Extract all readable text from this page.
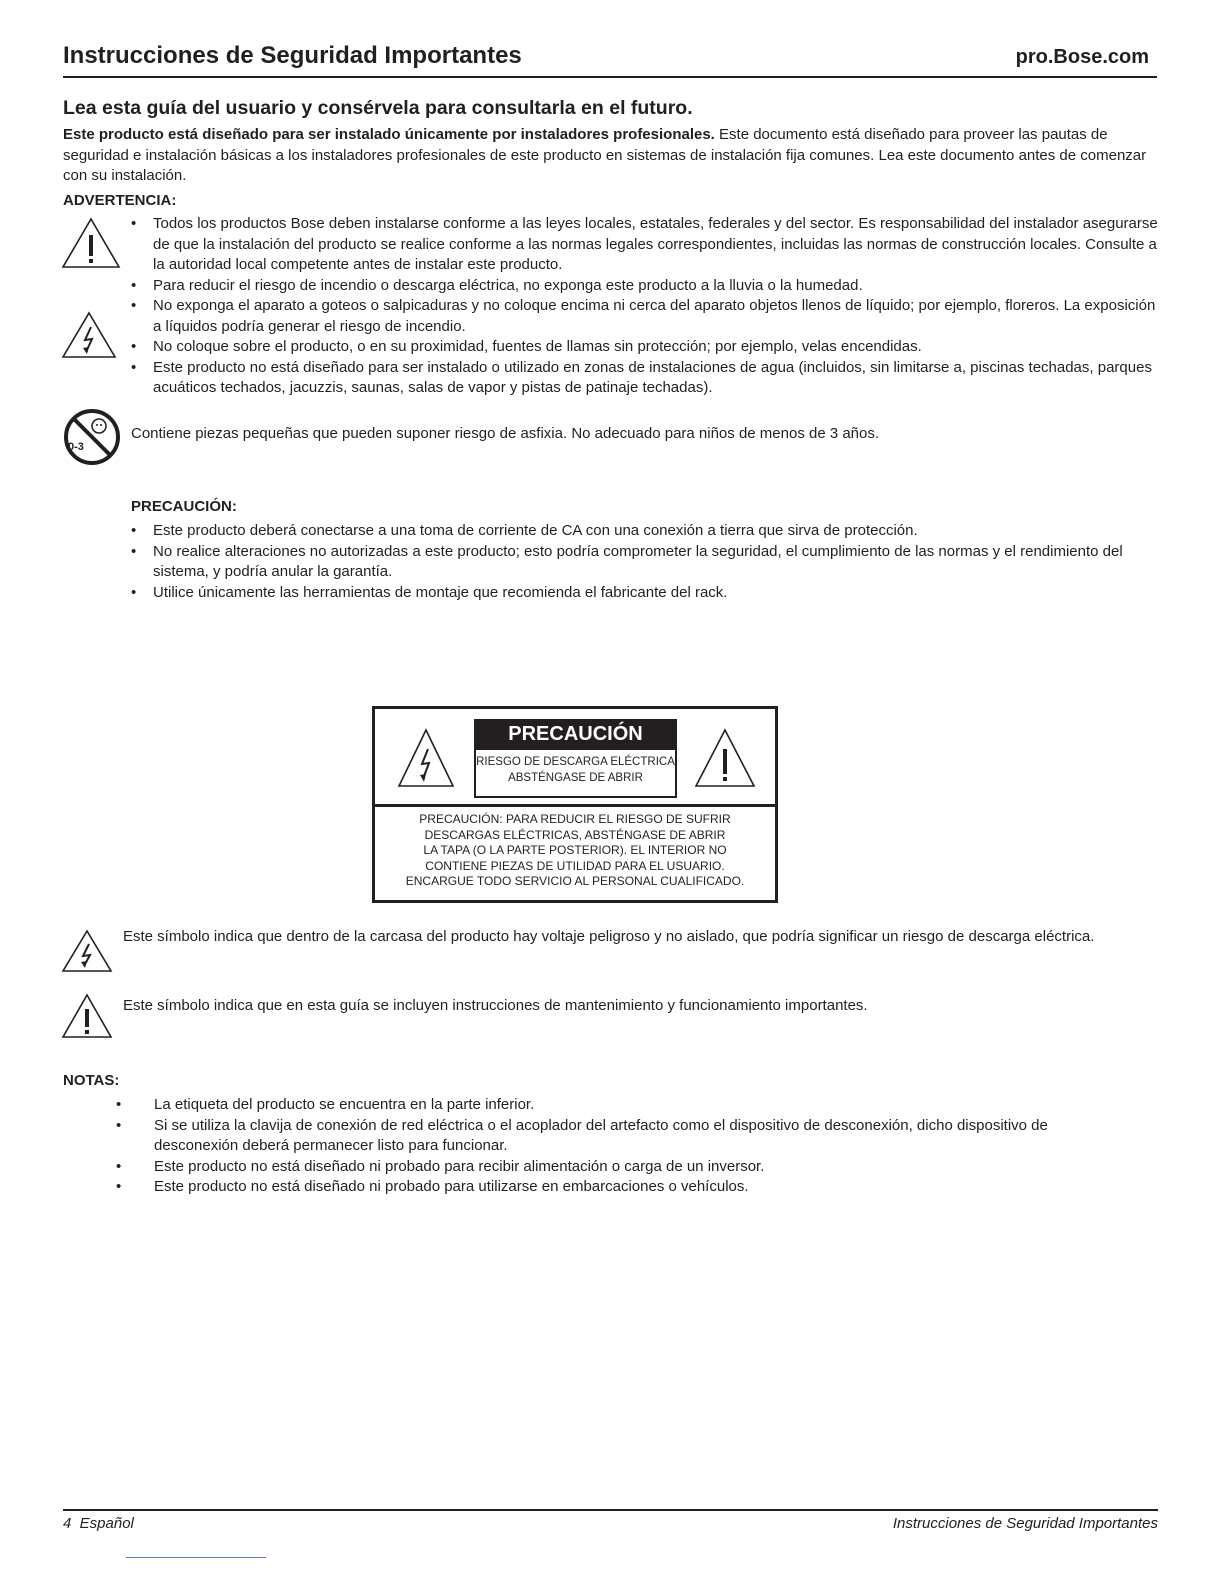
Instrucciones de Seguridad Importantes	pro.Bose.com
Lea esta guía del usuario y consérvela para consultarla en el futuro.
Este producto está diseñado para ser instalado únicamente por instaladores profesionales. Este documento está diseñado para proveer las pautas de seguridad e instalación básicas a los instaladores profesionales de este producto en sistemas de instalación fija comunes. Lea este documento antes de comenzar con su instalación.
ADVERTENCIA:
• Todos los productos Bose deben instalarse conforme a las leyes locales, estatales, federales y del sector. Es responsabilidad del instalador asegurarse de que la instalación del producto se realice conforme a las normas legales correspondientes, incluidas las normas de construcción locales. Consulte a la autoridad local competente antes de instalar este producto.
• Para reducir el riesgo de incendio o descarga eléctrica, no exponga este producto a la lluvia o la humedad.
• No exponga el aparato a goteos o salpicaduras y no coloque encima ni cerca del aparato objetos llenos de líquido; por ejemplo, floreros. La exposición a líquidos podría generar el riesgo de incendio.
• No coloque sobre el producto, o en su proximidad, fuentes de llamas sin protección; por ejemplo, velas encendidas.
• Este producto no está diseñado para ser instalado o utilizado en zonas de instalaciones de agua (incluidos, sin limitarse a, piscinas techadas, parques acuáticos techados, jacuzzis, saunas, salas de vapor y pistas de patinaje techadas).
0-3
Contiene piezas pequeñas que pueden suponer riesgo de asfixia. No adecuado para niños de menos de 3 años.
PRECAUCIÓN:
• Este producto deberá conectarse a una toma de corriente de CA con una conexión a tierra que sirva de protección.
• No realice alteraciones no autorizadas a este producto; esto podría comprometer la seguridad, el cumplimiento de las normas y el rendimiento del sistema, y podría anular la garantía.
• Utilice únicamente las herramientas de montaje que recomienda el fabricante del rack.
PRECAUCIÓN
RIESGO DE DESCARGA ELÉCTRICA
ABSTÉNGASE DE ABRIR
PRECAUCIÓN: PARA REDUCIR EL RIESGO DE SUFRIR
DESCARGAS ELÉCTRICAS, ABSTÉNGASE DE ABRIR
LA TAPA (O LA PARTE POSTERIOR). EL INTERIOR NO
CONTIENE PIEZAS DE UTILIDAD PARA EL USUARIO.
ENCARGUE TODO SERVICIO AL PERSONAL CUALIFICADO.
Este símbolo indica que dentro de la carcasa del producto hay voltaje peligroso y no aislado, que podría significar un riesgo de descarga eléctrica.
Este símbolo indica que en esta guía se incluyen instrucciones de mantenimiento y funcionamiento importantes.
NOTAS:
• La etiqueta del producto se encuentra en la parte inferior.
• Si se utiliza la clavija de conexión de red eléctrica o el acoplador del artefacto como el dispositivo de desconexión, dicho dispositivo de desconexión deberá permanecer listo para funcionar.
• Este producto no está diseñado ni probado para recibir alimentación o carga de un inversor.
• Este producto no está diseñado ni probado para utilizarse en embarcaciones o vehículos.
4  Español	Instrucciones de Seguridad Importantes
